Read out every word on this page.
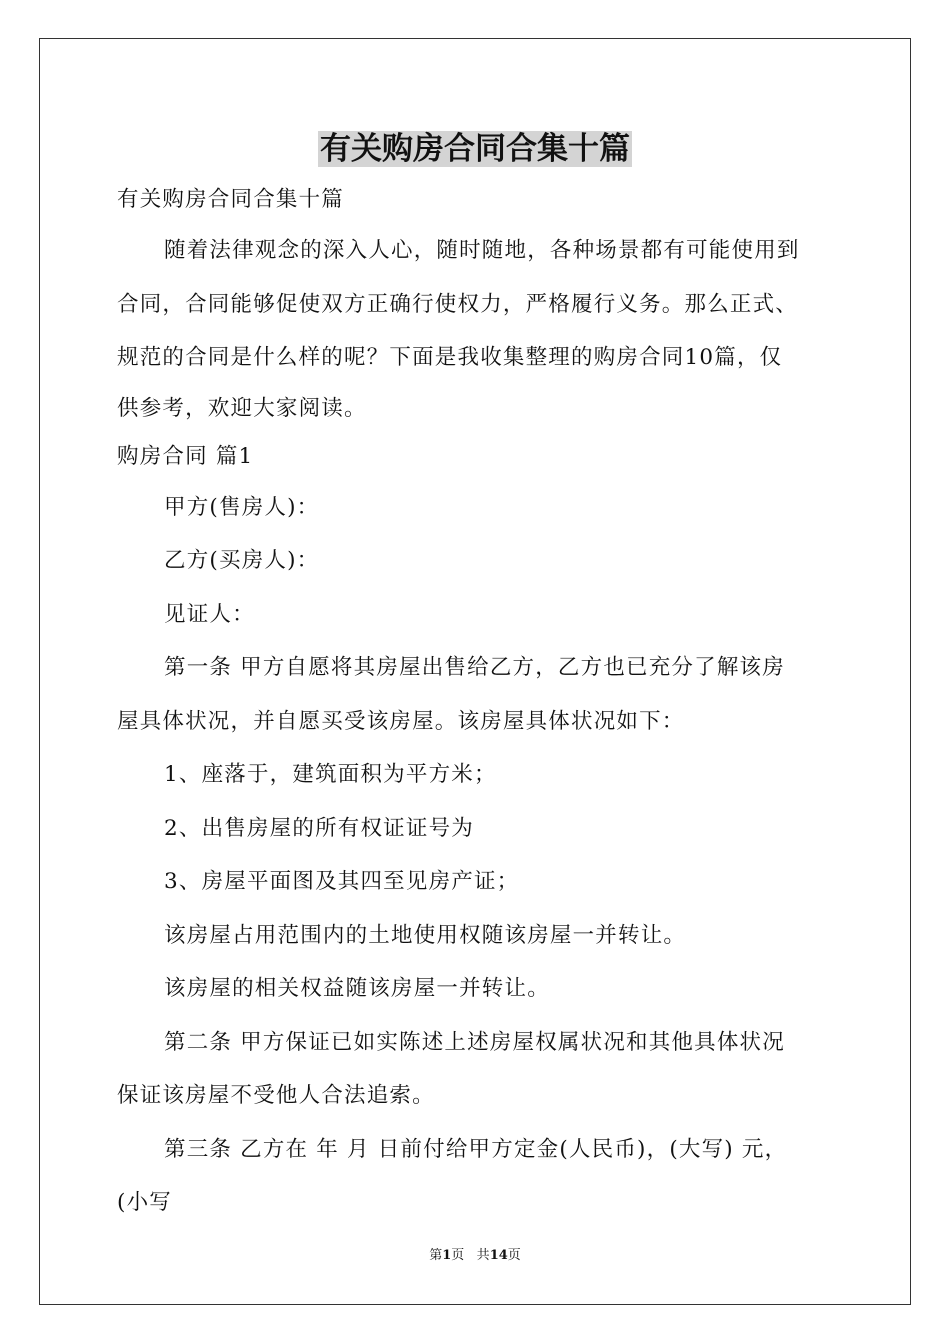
有关购房合同合集十篇
有关购房合同合集十篇
随着法律观念的深入人心，随时随地，各种场景都有可能使用到
合同，合同能够促使双方正确行使权力，严格履行义务。那么正式、
规范的合同是什么样的呢？下面是我收集整理的购房合同10篇，仅
供参考，欢迎大家阅读。
购房合同 篇1
甲方(售房人)：
乙方(买房人)：
见证人：
第一条 甲方自愿将其房屋出售给乙方，乙方也已充分了解该房
屋具体状况，并自愿买受该房屋。该房屋具体状况如下：
1、座落于，建筑面积为平方米；
2、出售房屋的所有权证证号为
3、房屋平面图及其四至见房产证；
该房屋占用范围内的土地使用权随该房屋一并转让。
该房屋的相关权益随该房屋一并转让。
第二条 甲方保证已如实陈述上述房屋权属状况和其他具体状况
保证该房屋不受他人合法追索。
第三条 乙方在 年 月 日前付给甲方定金(人民币)，(大写) 元，
(小写
第1页 共14页
